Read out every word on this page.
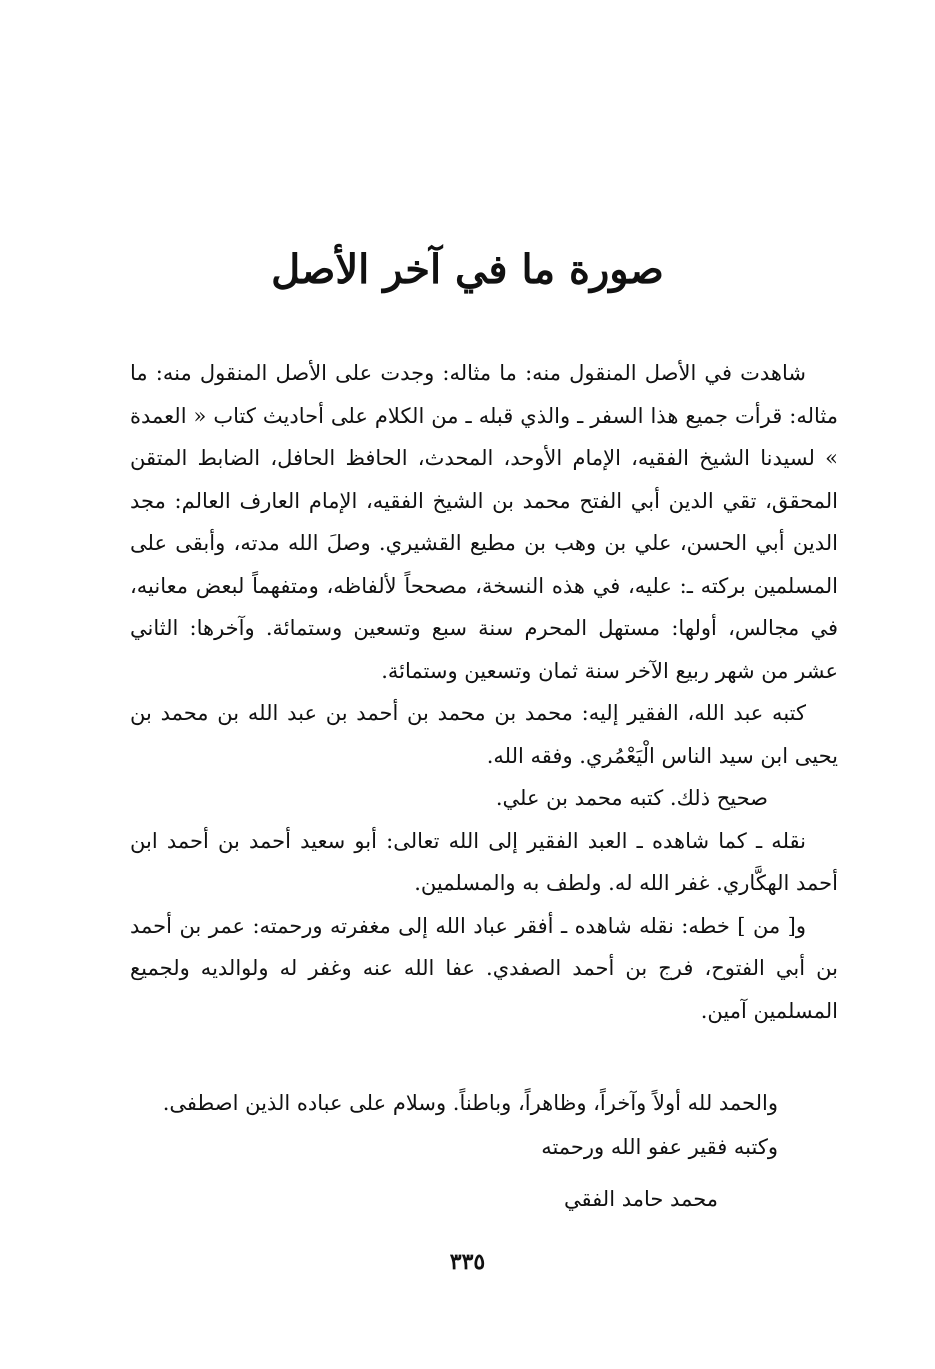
صورة ما في آخر الأصل

شاهدت في الأصل المنقول منه: ما مثاله: وجدت على الأصل المنقول منه: ما مثاله: قرأت جميع هذا السفر ـ والذي قبله ـ من الكلام على أحاديث كتاب « العمدة » لسيدنا الشيخ الفقيه، الإمام الأوحد، المحدث، الحافظ الحافل، الضابط المتقن المحقق، تقي الدين أبي الفتح محمد بن الشيخ الفقيه، الإمام العارف العالم: مجد الدين أبي الحسن، علي بن وهب بن مطيع القشيري. وصلَ الله مدته، وأبقى على المسلمين بركته ـ: عليه، في هذه النسخة، مصححاً لألفاظه، ومتفهماً لبعض معانيه، في مجالس، أولها: مستهل المحرم سنة سبع وتسعين وستمائة. وآخرها: الثاني عشر من شهر ربيع الآخر سنة ثمان وتسعين وستمائة.

كتبه عبد الله، الفقير إليه: محمد بن محمد بن أحمد بن عبد الله بن محمد بن يحيى ابن سيد الناس الْيَعْمُري. وفقه الله.

صحيح ذلك. كتبه محمد بن علي.

نقله ـ كما شاهده ـ العبد الفقير إلى الله تعالى: أبو سعيد أحمد بن أحمد ابن أحمد الهكَّاري. غفر الله له. ولطف به والمسلمين.

و[ من ] خطه: نقله شاهده ـ أفقر عباد الله إلى مغفرته ورحمته: عمر بن أحمد بن أبي الفتوح، فرج بن أحمد الصفدي. عفا الله عنه وغفر له ولوالديه ولجميع المسلمين آمين.

والحمد لله أولاً وآخراً، وظاهراً، وباطناً. وسلام على عباده الذين اصطفى.

وكتبه فقير عفو الله ورحمته

محمد حامد الفقي

٣٣٥
